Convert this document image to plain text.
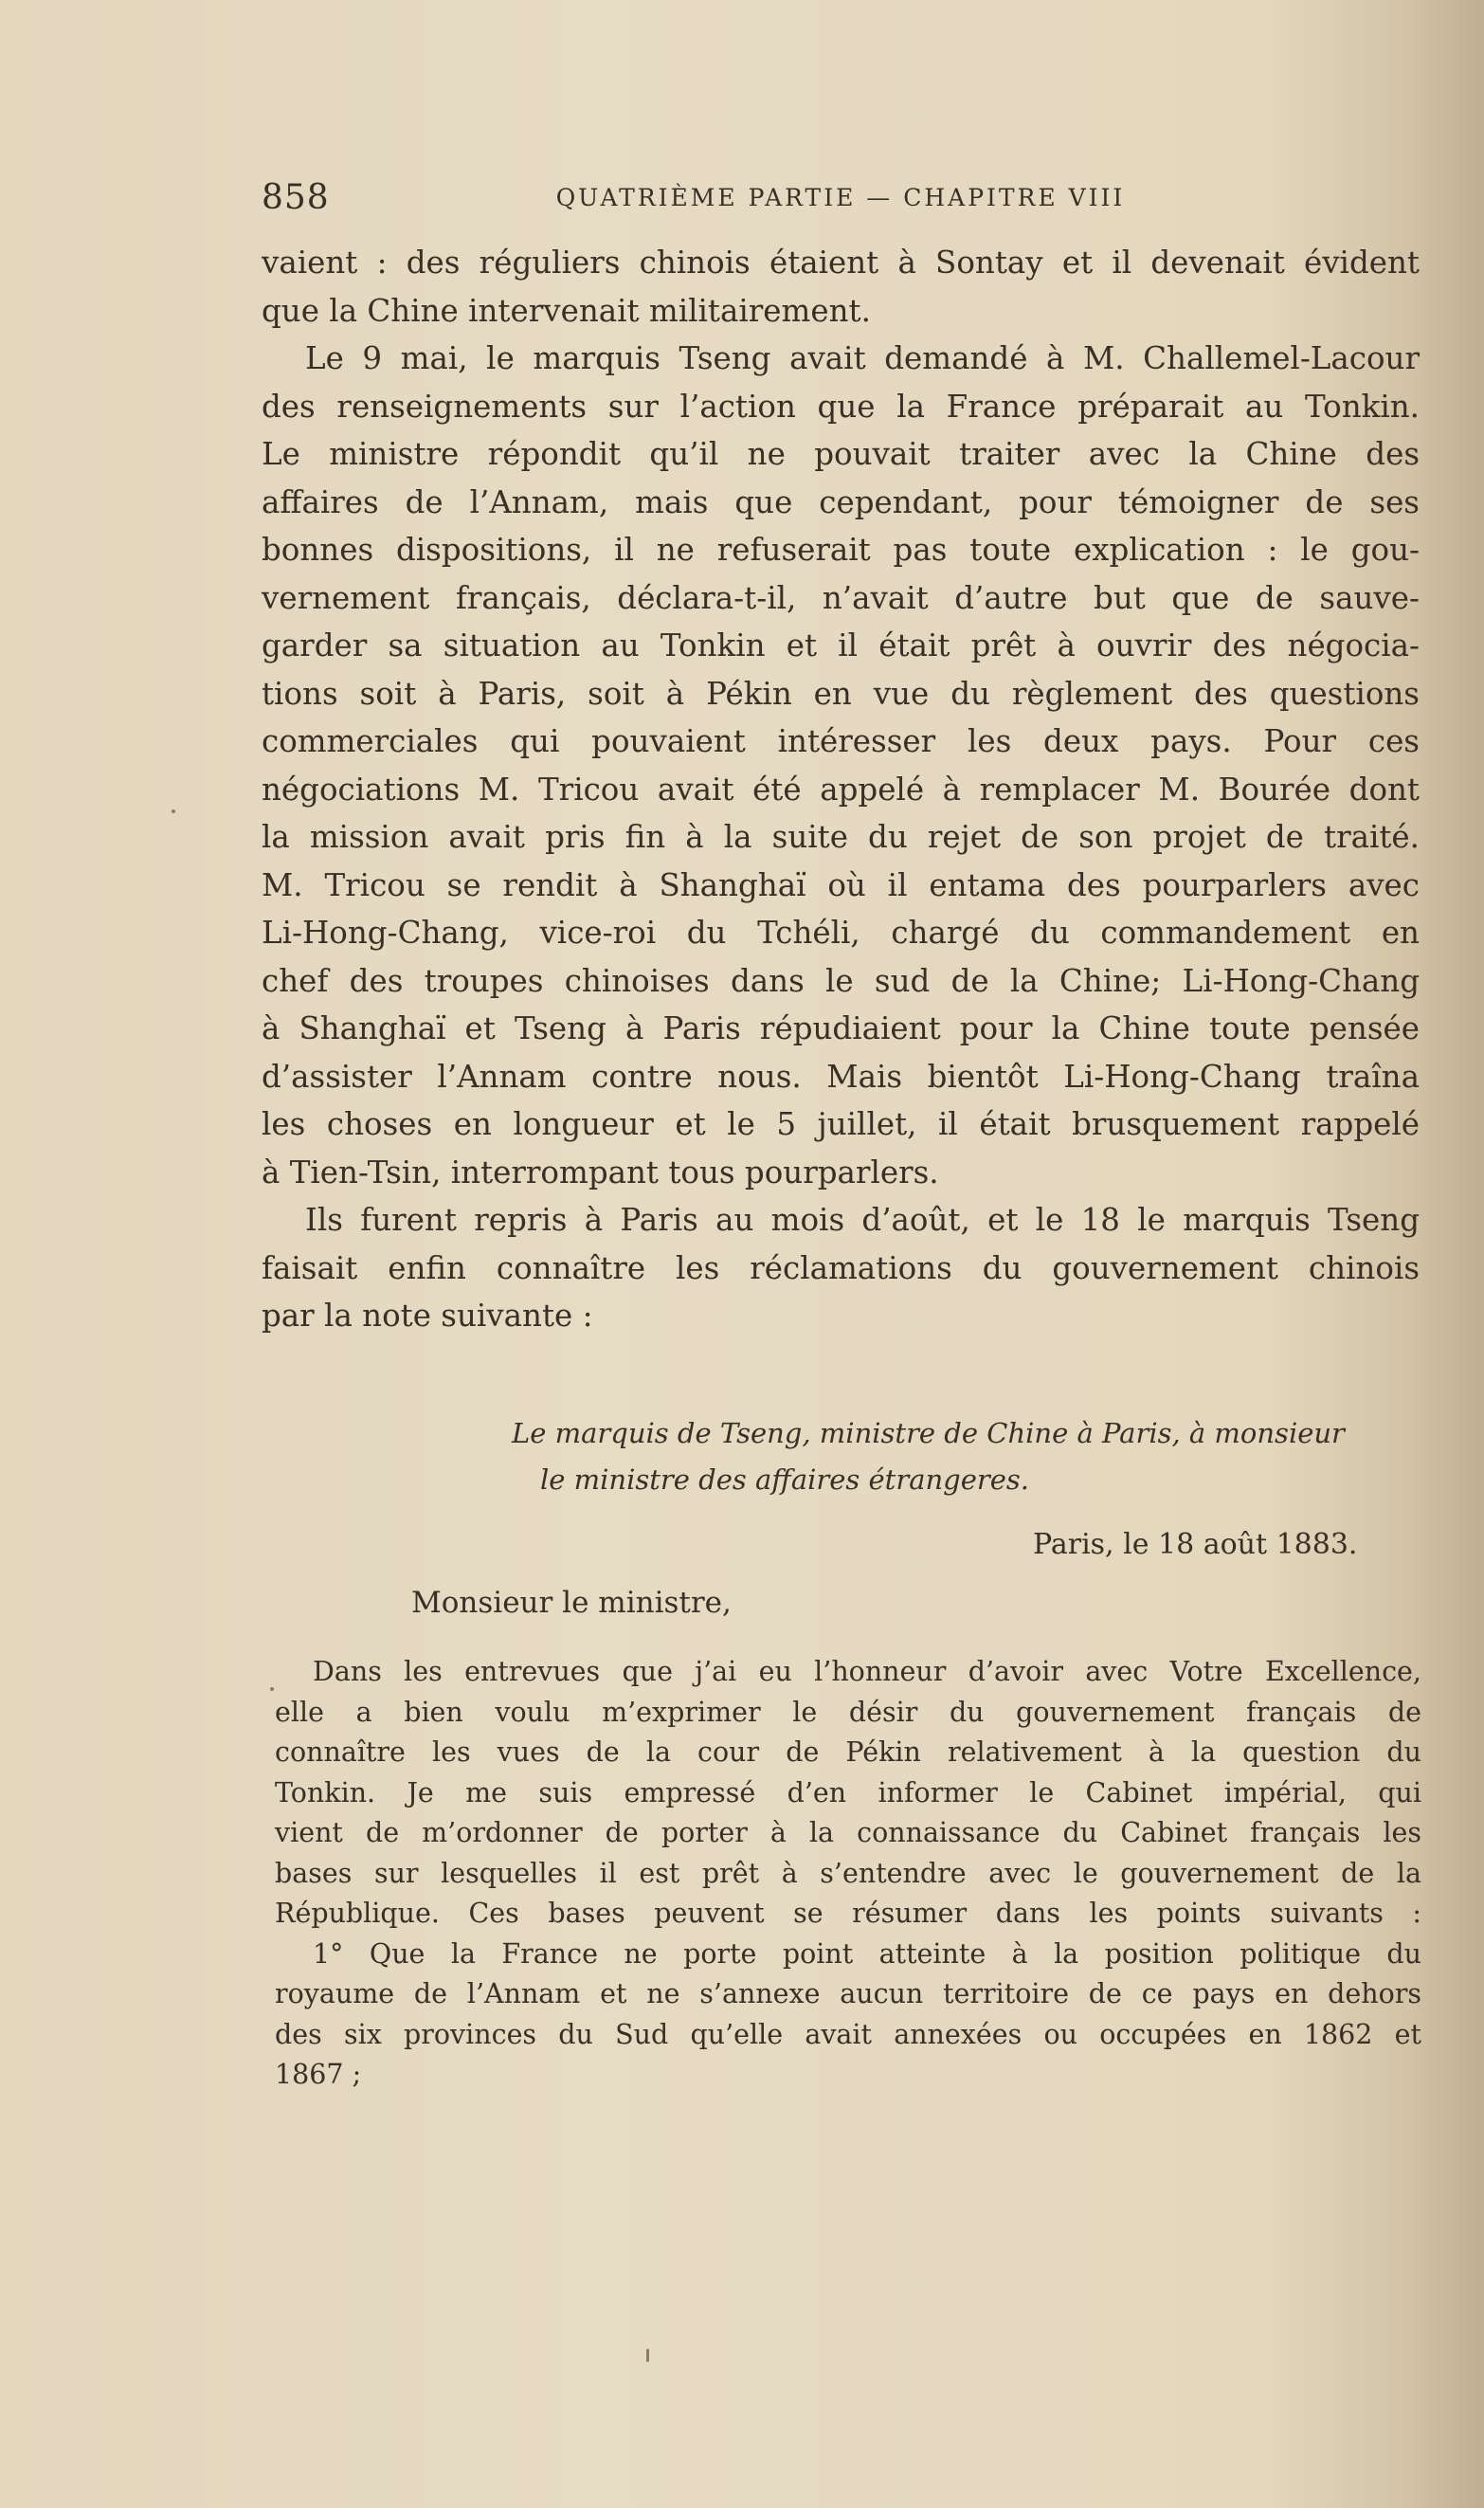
858	QUATRIÈME PARTIE — CHAPITRE VIII
vaient : des réguliers chinois étaient à Sontay et il devenait évident
que la Chine intervenait militairement.
Le 9 mai, le marquis Tseng avait demandé à M. Challemel-Lacour
des renseignements sur l’action que la France préparait au Tonkin.
Le ministre répondit qu’il ne pouvait traiter avec la Chine des
affaires de l’Annam, mais que cependant, pour témoigner de ses
bonnes dispositions, il ne refuserait pas toute explication : le gou-
vernement français, déclara-t-il, n’avait d’autre but que de sauve-
garder sa situation au Tonkin et il était prêt à ouvrir des négocia-
tions soit à Paris, soit à Pékin en vue du règlement des questions
commerciales qui pouvaient intéresser les deux pays. Pour ces
négociations M. Tricou avait été appelé à remplacer M. Bourée dont
la mission avait pris fin à la suite du rejet de son projet de traité.
M. Tricou se rendit à Shanghaï où il entama des pourparlers avec
Li-Hong-Chang, vice-roi du Tchéli, chargé du commandement en
chef des troupes chinoises dans le sud de la Chine; Li-Hong-Chang
à Shanghaï et Tseng à Paris répudiaient pour la Chine toute pensée
d’assister l’Annam contre nous. Mais bientôt Li-Hong-Chang traîna
les choses en longueur et le 5 juillet, il était brusquement rappelé
à Tien-Tsin, interrompant tous pourparlers.
Ils furent repris à Paris au mois d’août, et le 18 le marquis Tseng
faisait enfin connaître les réclamations du gouvernement chinois
par la note suivante :
Le marquis de Tseng, ministre de Chine à Paris, à monsieur
le ministre des affaires étrangeres.
Paris, le 18 août 1883.
Monsieur le ministre,
Dans les entrevues que j’ai eu l’honneur d’avoir avec Votre Excellence,
elle a bien voulu m’exprimer le désir du gouvernement français de
connaître les vues de la cour de Pékin relativement à la question du
Tonkin. Je me suis empressé d’en informer le Cabinet impérial, qui
vient de m’ordonner de porter à la connaissance du Cabinet français les
bases sur lesquelles il est prêt à s’entendre avec le gouvernement de la
République. Ces bases peuvent se résumer dans les points suivants :
1° Que la France ne porte point atteinte à la position politique du
royaume de l’Annam et ne s’annexe aucun territoire de ce pays en dehors
des six provinces du Sud qu’elle avait annexées ou occupées en 1862 et
1867 ;
